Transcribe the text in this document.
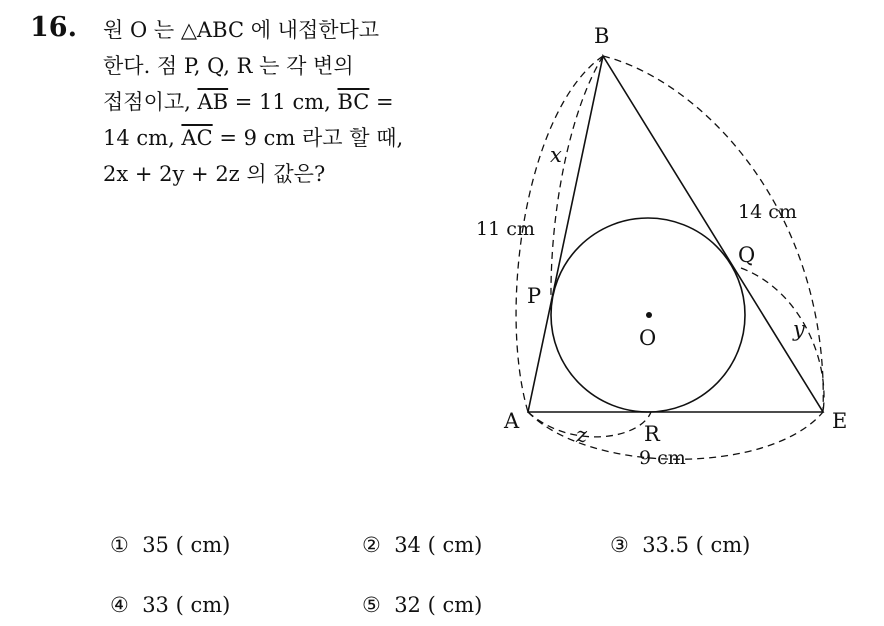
16. 원 O 는 △ABC 에 내접한다고
한다. 점 P, Q, R 는 각 변의
접점이고, $\overline{AB} = 11$ cm, $\overline{BC}$ =
14 cm, $\overline{AC} = 9$ cm 라고 할 때,
2x + 2y + 2z 의 값은?
B
A	E
P
Q
R
O
11 cm
14 cm
9 cm
x
y
z
① 35 ( cm)	② 34 ( cm)	③ 33.5 ( cm)
④ 33 ( cm)	⑤ 32 ( cm)
